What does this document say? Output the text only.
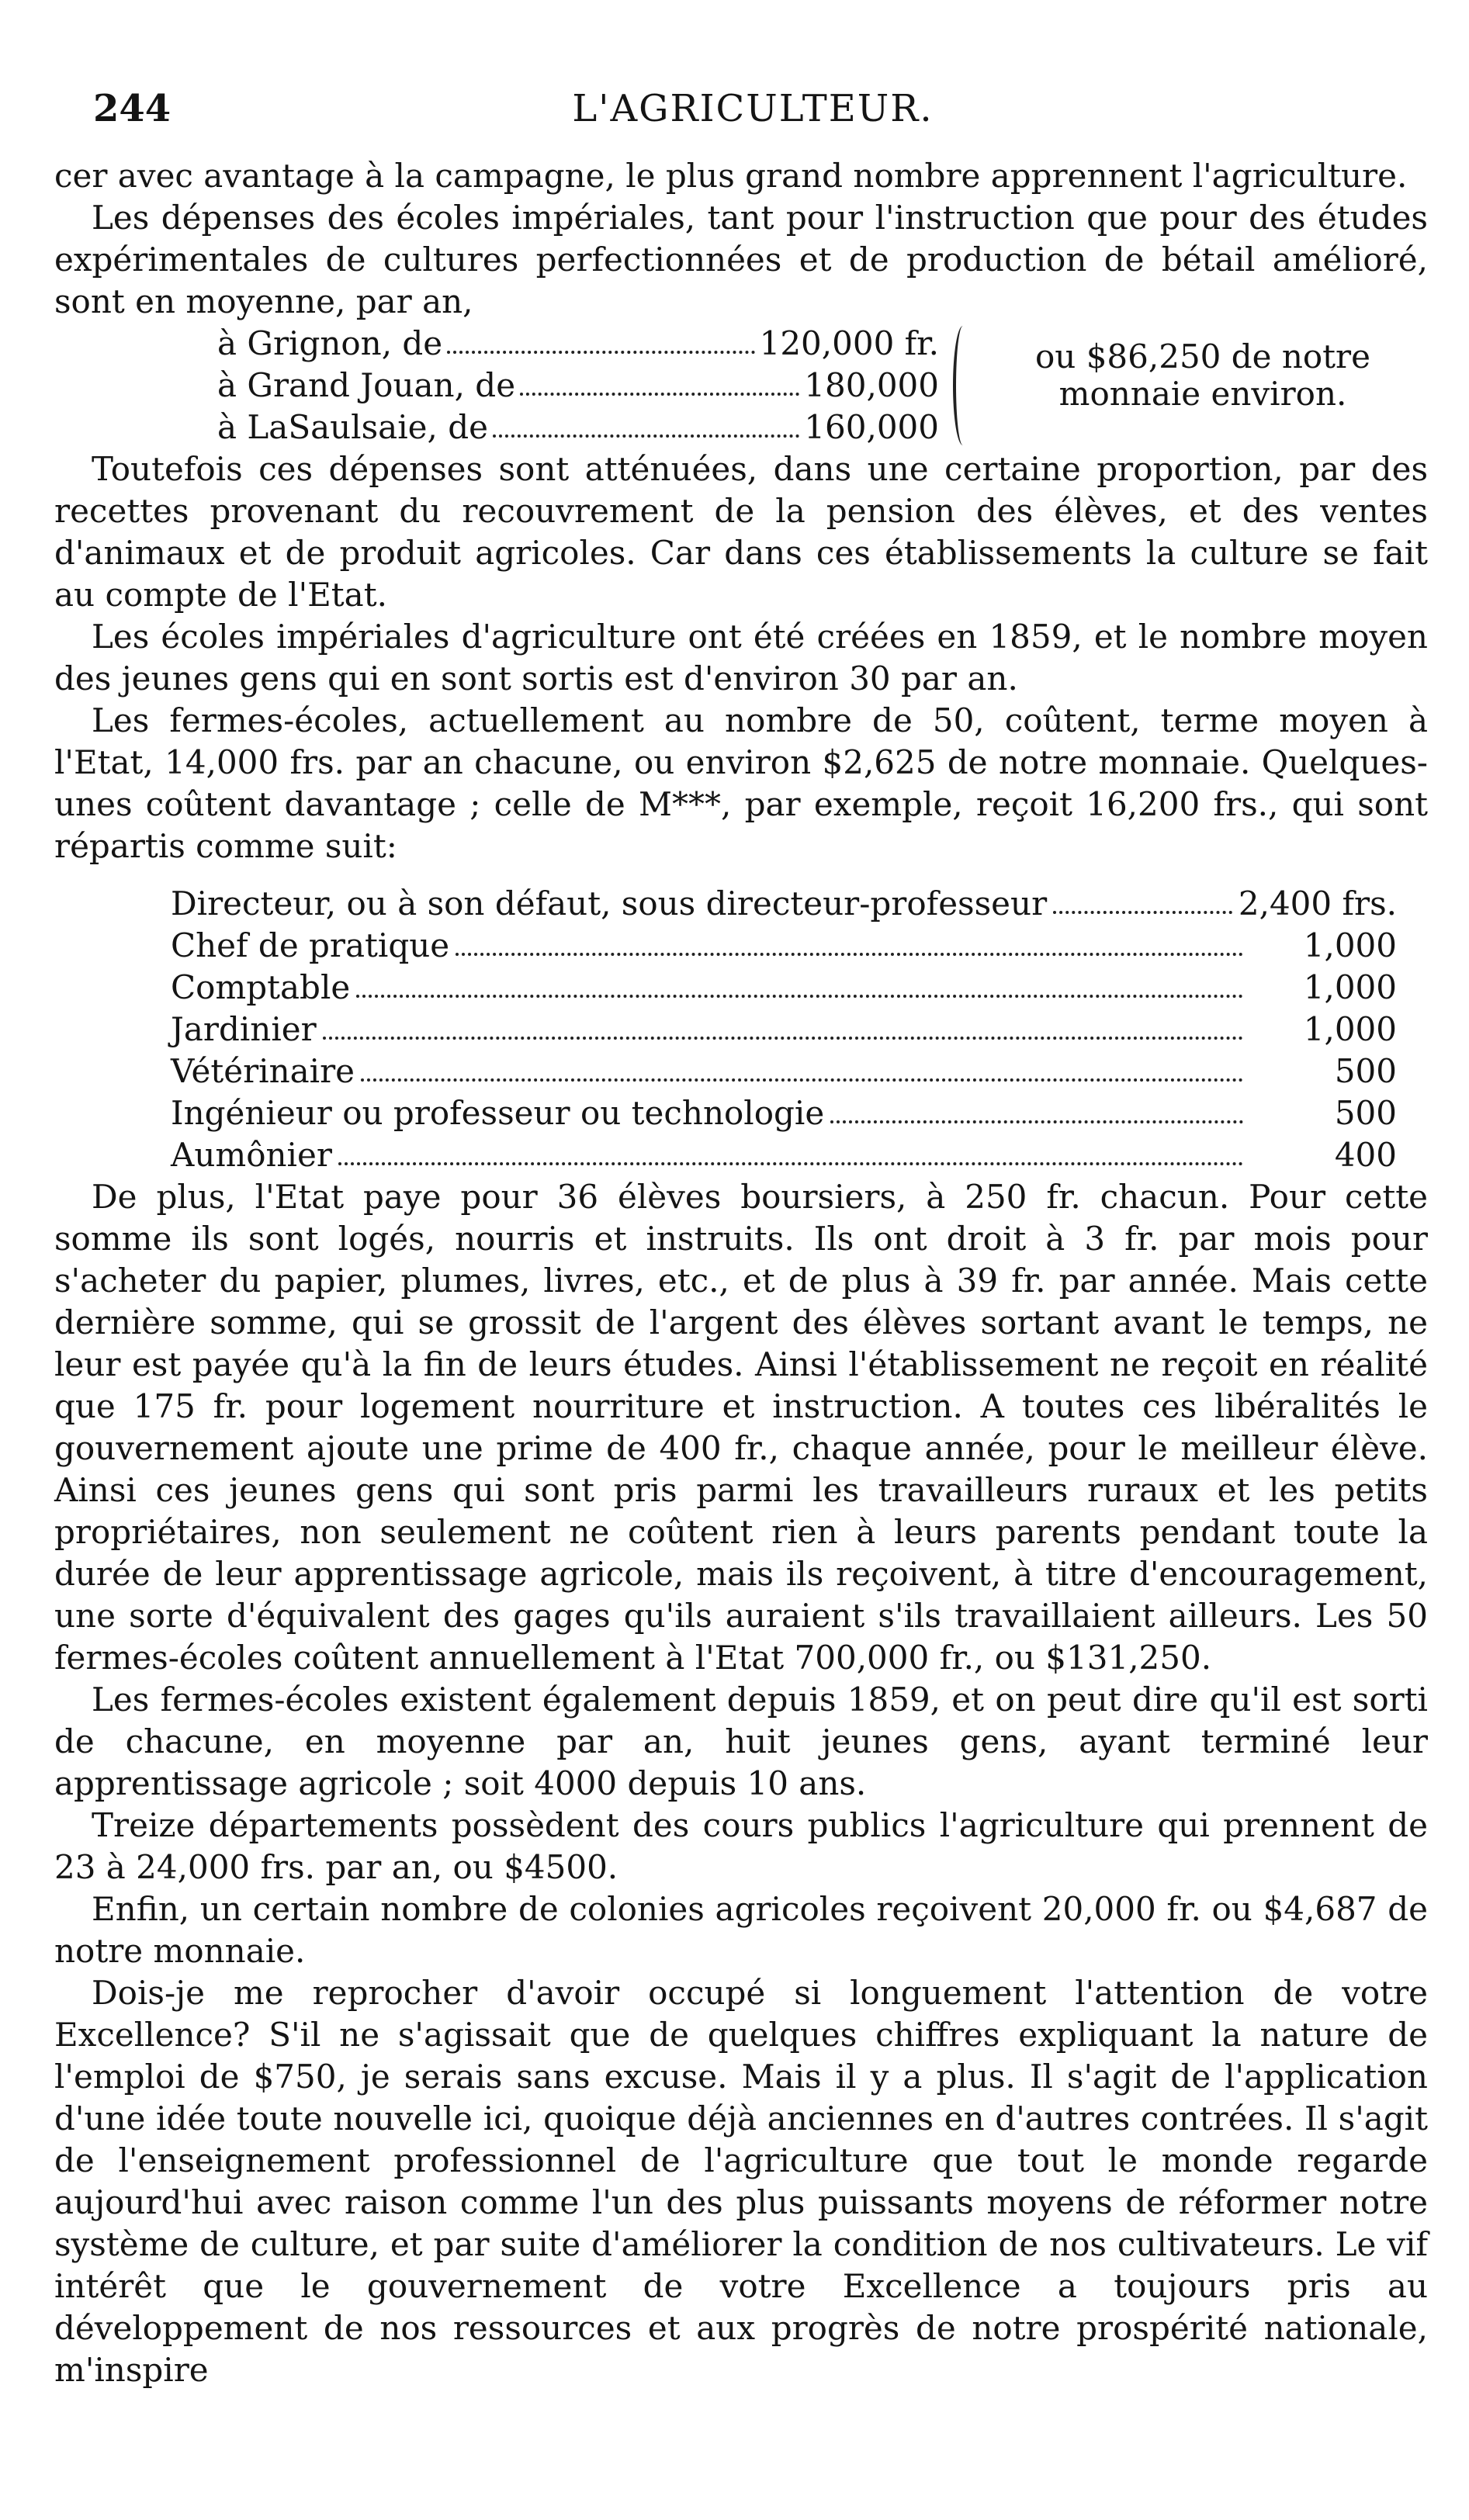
244	L'AGRICULTEUR.

cer avec avantage à la campagne, le plus grand nombre apprennent l'agriculture.

Les dépenses des écoles impériales, tant pour l'instruction que pour des études expérimentales de cultures perfectionnées et de production de bétail amélioré, sont en moyenne, par an,

à Grignon, de	120,000 fr.
à Grand Jouan, de	180,000
à LaSaulsaie, de	160,000
ou $86,250 de notre monnaie environ.

Toutefois ces dépenses sont atténuées, dans une certaine proportion, par des recettes provenant du recouvrement de la pension des élèves, et des ventes d'animaux et de produit agricoles. Car dans ces établissements la culture se fait au compte de l'Etat.

Les écoles impériales d'agriculture ont été créées en 1859, et le nombre moyen des jeunes gens qui en sont sortis est d'environ 30 par an.

Les fermes-écoles, actuellement au nombre de 50, coûtent, terme moyen à l'Etat, 14,000 frs. par an chacune, ou environ $2,625 de notre monnaie. Quelques-unes coûtent davantage ; celle de M***, par exemple, reçoit 16,200 frs., qui sont répartis comme suit:

Directeur, ou à son défaut, sous directeur-professeur	2,400 frs.
Chef de pratique	1,000
Comptable	1,000
Jardinier	1,000
Vétérinaire	500
Ingénieur ou professeur ou technologie	500
Aumônier	400

De plus, l'Etat paye pour 36 élèves boursiers, à 250 fr. chacun. Pour cette somme ils sont logés, nourris et instruits. Ils ont droit à 3 fr. par mois pour s'acheter du papier, plumes, livres, etc., et de plus à 39 fr. par année. Mais cette dernière somme, qui se grossit de l'argent des élèves sortant avant le temps, ne leur est payée qu'à la fin de leurs études. Ainsi l'établissement ne reçoit en réalité que 175 fr. pour logement nourriture et instruction. A toutes ces libéralités le gouvernement ajoute une prime de 400 fr., chaque année, pour le meilleur élève. Ainsi ces jeunes gens qui sont pris parmi les travailleurs ruraux et les petits propriétaires, non seulement ne coûtent rien à leurs parents pendant toute la durée de leur apprentissage agricole, mais ils reçoivent, à titre d'encouragement, une sorte d'équivalent des gages qu'ils auraient s'ils travaillaient ailleurs. Les 50 fermes-écoles coûtent annuellement à l'Etat 700,000 fr., ou $131,250.

Les fermes-écoles existent également depuis 1859, et on peut dire qu'il est sorti de chacune, en moyenne par an, huit jeunes gens, ayant terminé leur apprentissage agricole ; soit 4000 depuis 10 ans.

Treize départements possèdent des cours publics l'agriculture qui prennent de 23 à 24,000 frs. par an, ou $4500.

Enfin, un certain nombre de colonies agricoles reçoivent 20,000 fr. ou $4,687 de notre monnaie.

Dois-je me reprocher d'avoir occupé si longuement l'attention de votre Excellence? S'il ne s'agissait que de quelques chiffres expliquant la nature de l'emploi de $750, je serais sans excuse. Mais il y a plus. Il s'agit de l'application d'une idée toute nouvelle ici, quoique déjà anciennes en d'autres contrées. Il s'agit de l'enseignement professionnel de l'agriculture que tout le monde regarde aujourd'hui avec raison comme l'un des plus puissants moyens de réformer notre système de culture, et par suite d'améliorer la condition de nos cultivateurs. Le vif intérêt que le gouvernement de votre Excellence a toujours pris au développement de nos ressources et aux progrès de notre prospérité nationale, m'inspire
